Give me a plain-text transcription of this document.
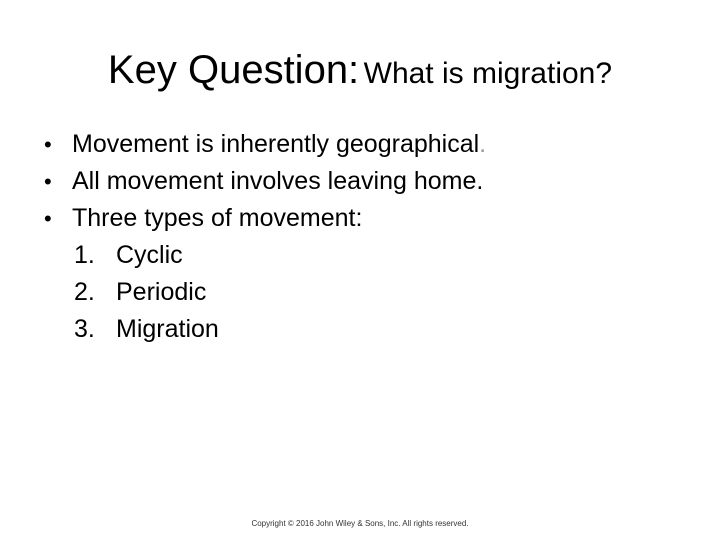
Key Question: What is migration?
• Movement is inherently geographical.
• All movement involves leaving home.
• Three types of movement:
1. Cyclic
2. Periodic
3. Migration
Copyright © 2016 John Wiley & Sons, Inc. All rights reserved.
